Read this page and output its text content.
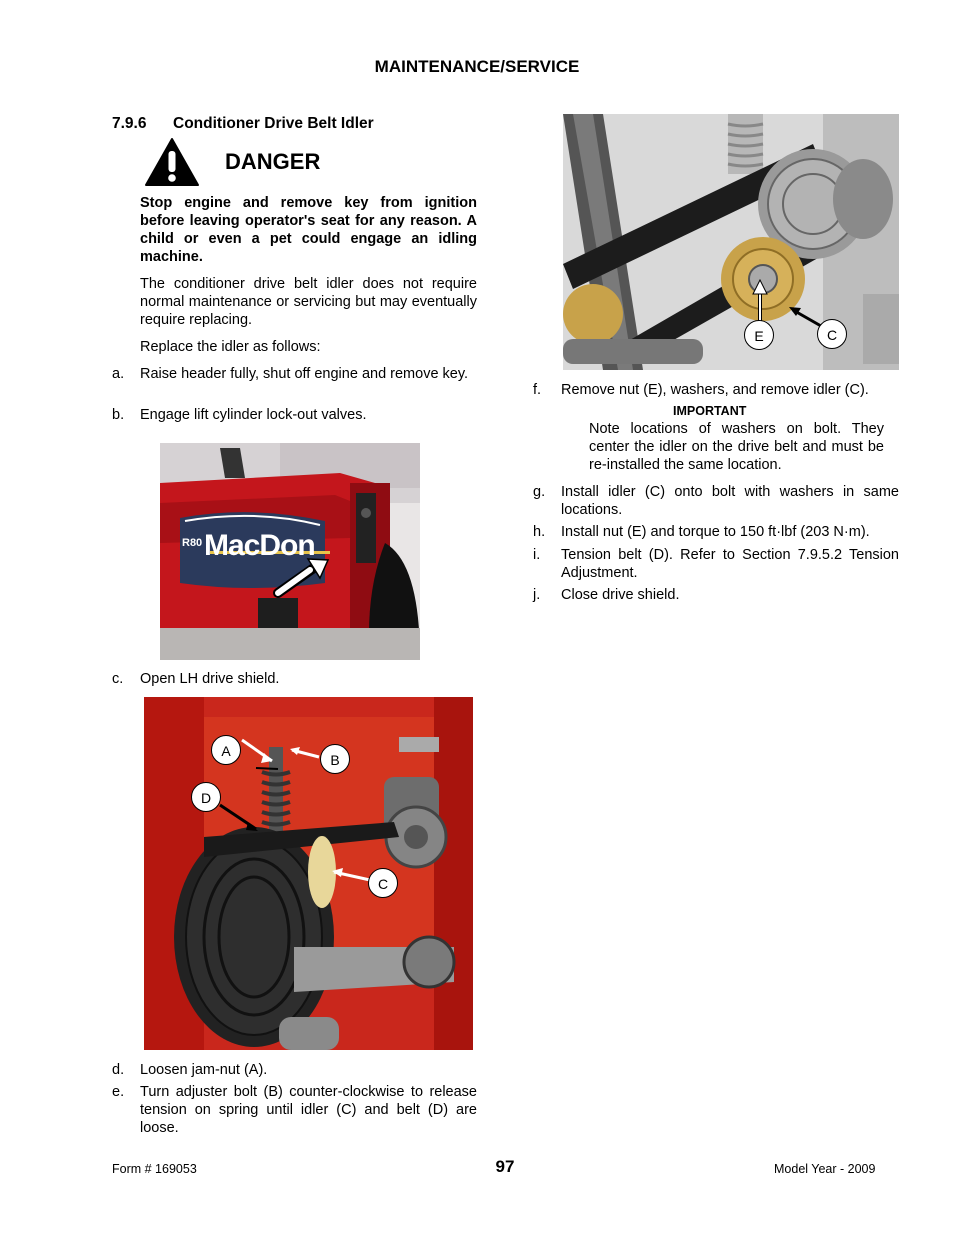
MAINTENANCE/SERVICE
7.9.6 Conditioner Drive Belt Idler
DANGER
Stop engine and remove key from ignition before leaving operator's seat for any reason. A child or even a pet could engage an idling machine.
The conditioner drive belt idler does not require normal maintenance or servicing but may eventually require replacing.
Replace the idler as follows:
a. Raise header fully, shut off engine and remove key.
b. Engage lift cylinder lock-out valves.
R80 MacDon
c. Open LH drive shield.
A
B
D
C
d. Loosen jam-nut (A).
e. Turn adjuster bolt (B) counter-clockwise to release tension on spring until idler (C) and belt (D) are loose.
E	C
f. Remove nut (E), washers, and remove idler (C).
IMPORTANT
Note locations of washers on bolt. They center the idler on the drive belt and must be re-installed the same location.
g. Install idler (C) onto bolt with washers in same locations.
h. Install nut (E) and torque to 150 ft·lbf (203 N·m).
i. Tension belt (D). Refer to Section 7.9.5.2 Tension Adjustment.
j. Close drive shield.
Form # 169053	97	Model Year - 2009
